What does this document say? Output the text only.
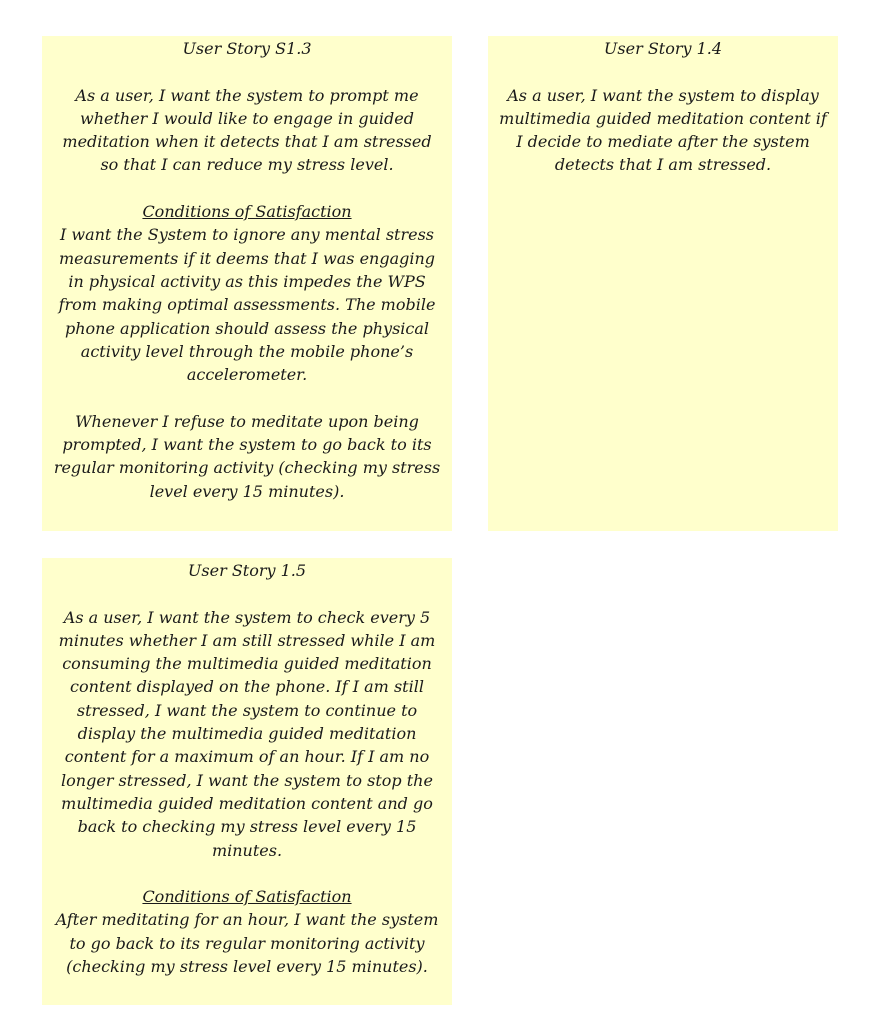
User Story S1.3

As a user, I want the system to prompt me whether I would like to engage in guided meditation when it detects that I am stressed so that I can reduce my stress level.

Conditions of Satisfaction

I want the System to ignore any mental stress measurements if it deems that I was engaging in physical activity as this impedes the WPS from making optimal assessments. The mobile phone application should assess the physical activity level through the mobile phone’s accelerometer.

Whenever I refuse to meditate upon being prompted, I want the system to go back to its regular monitoring activity (checking my stress level every 15 minutes).

User Story 1.4

As a user, I want the system to display multimedia guided meditation content if I decide to mediate after the system detects that I am stressed.

User Story 1.5

As a user, I want the system to check every 5 minutes whether I am still stressed while I am consuming the multimedia guided meditation content displayed on the phone. If I am still stressed, I want the system to continue to display the multimedia guided meditation content for a maximum of an hour. If I am no longer stressed, I want the system to stop the multimedia guided meditation content and go back to checking my stress level every 15 minutes.

Conditions of Satisfaction

After meditating for an hour, I want the system to go back to its regular monitoring activity (checking my stress level every 15 minutes).
